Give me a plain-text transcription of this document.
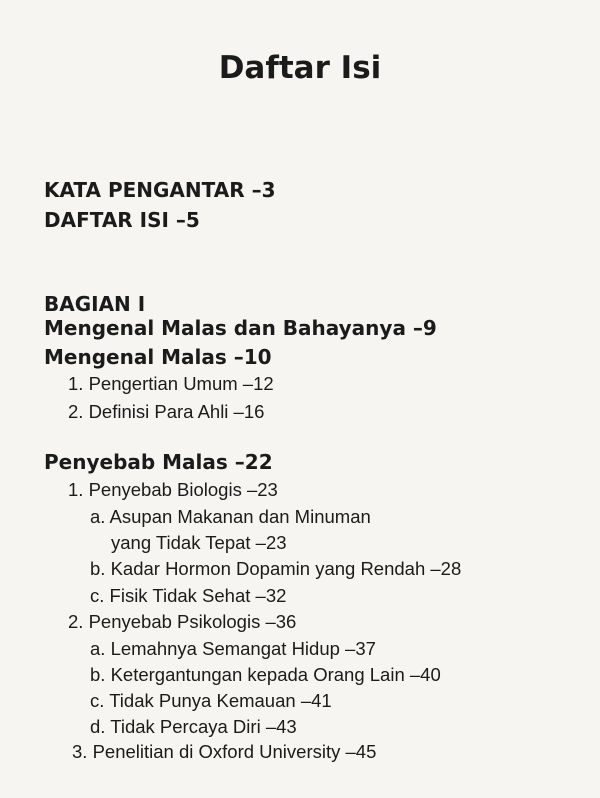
Daftar Isi
KATA PENGANTAR –3
DAFTAR ISI –5
BAGIAN I
Mengenal Malas dan Bahayanya –9
Mengenal Malas –10
1. Pengertian Umum –12
2. Definisi Para Ahli –16
Penyebab Malas –22
1. Penyebab Biologis –23
a. Asupan Makanan dan Minuman
yang Tidak Tepat –23
b. Kadar Hormon Dopamin yang Rendah –28
c. Fisik Tidak Sehat –32
2. Penyebab Psikologis –36
a. Lemahnya Semangat Hidup –37
b. Ketergantungan kepada Orang Lain –40
c. Tidak Punya Kemauan –41
d. Tidak Percaya Diri –43
3. Penelitian di Oxford University –45
